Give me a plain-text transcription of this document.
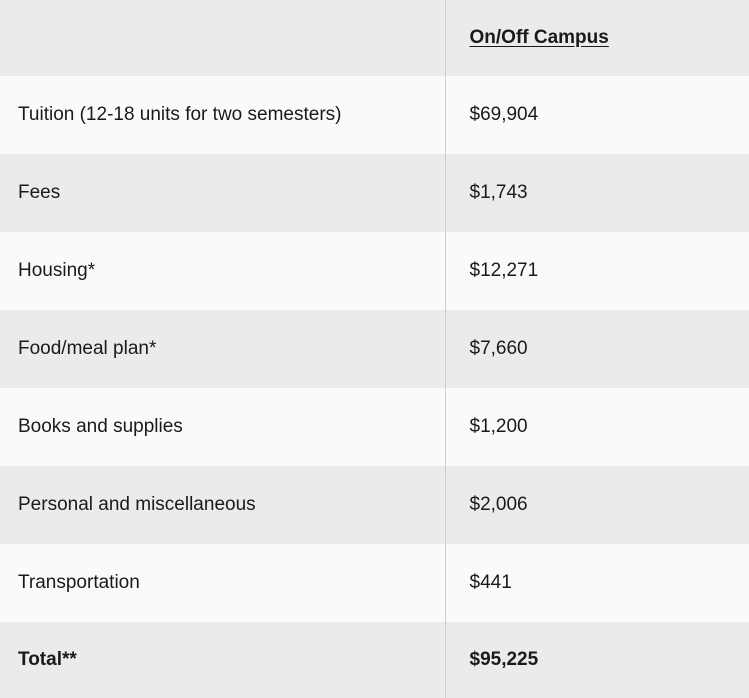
	On/Off Campus
Tuition (12-18 units for two semesters)	$69,904
Fees	$1,743
Housing*	$12,271
Food/meal plan*	$7,660
Books and supplies	$1,200
Personal and miscellaneous	$2,006
Transportation	$441
Total**	$95,225
